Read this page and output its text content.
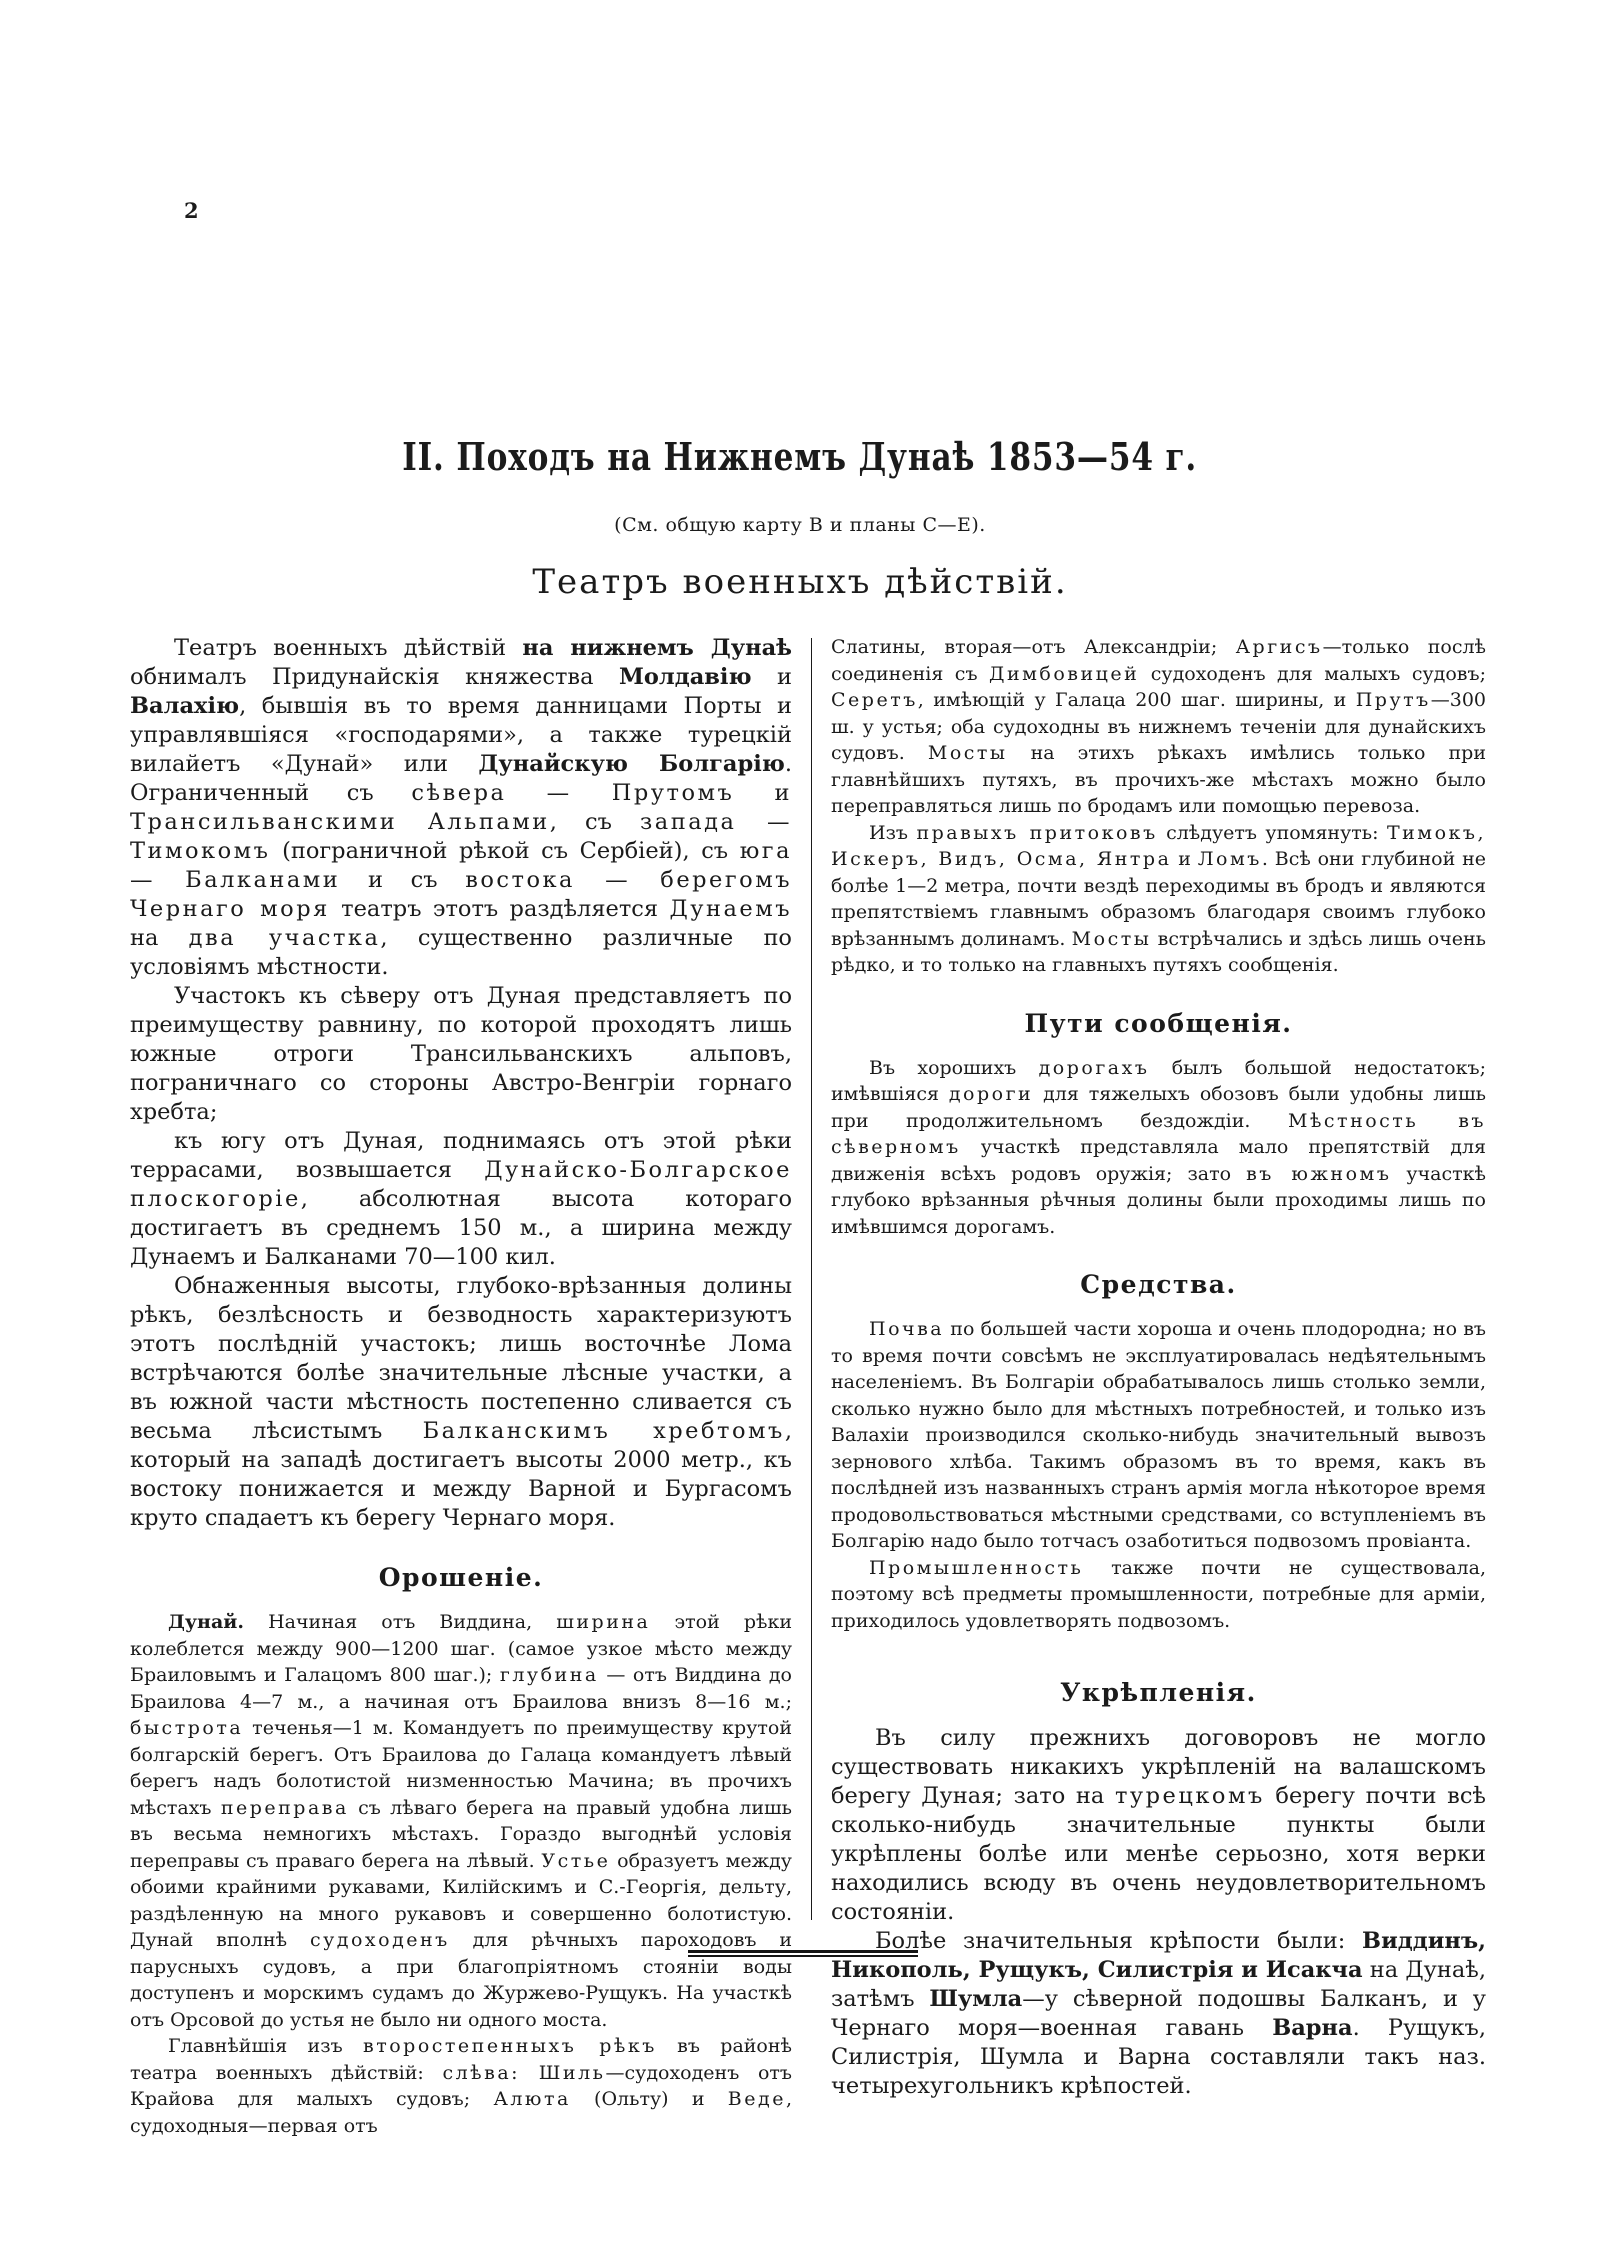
2
II. Походъ на Нижнемъ Дунаѣ 1853—54 г.
(См. общую карту В и планы С—Е).
Театръ военныхъ дѣйствій.

Театръ военныхъ дѣйствій на нижнемъ Дунаѣ обнималъ Придунайскія княжества Молдавію и Валахію, бывшія въ то время данницами Порты и управлявшіяся «господарями», а также турецкій вилайетъ «Дунай» или Дунайскую Болгарію. Ограниченный съ сѣвера — Прутомъ и Трансильванскими Альпами, съ запада — Тимокомъ (пограничной рѣкой съ Сербіей), съ юга — Балканами и съ востока — берегомъ Чернаго моря театръ этотъ раздѣляется Дунаемъ на два участка, существенно различные по условіямъ мѣстности.

Участокъ къ сѣверу отъ Дуная представляетъ по преимуществу равнину, по которой проходятъ лишь южные отроги Трансильванскихъ альповъ, пограничнаго со стороны Австро-Венгріи горнаго хребта;

къ югу отъ Дуная, поднимаясь отъ этой рѣки террасами, возвышается Дунайско-Болгарское плоскогоріе, абсолютная высота котораго достигаетъ въ среднемъ 150 м., а ширина между Дунаемъ и Балканами 70—100 кил.

Обнаженныя высоты, глубоко-врѣзанныя долины рѣкъ, безлѣсность и безводность характеризуютъ этотъ послѣдній участокъ; лишь восточнѣе Лома встрѣчаются болѣе значительные лѣсные участки, а въ южной части мѣстность постепенно сливается съ весьма лѣсистымъ Балканскимъ хребтомъ, который на западѣ достигаетъ высоты 2000 метр., къ востоку понижается и между Варной и Бургасомъ круто спадаетъ къ берегу Чернаго моря.

Орошеніе.

Дунай. Начиная отъ Виддина, ширина этой рѣки колеблется между 900—1200 шаг. (самое узкое мѣсто между Браиловымъ и Галацомъ 800 шаг.); глубина — отъ Виддина до Браилова 4—7 м., а начиная отъ Браилова внизъ 8—16 м.; быстрота теченья—1 м. Командуетъ по преимуществу крутой болгарскій берегъ. Отъ Браилова до Галаца командуетъ лѣвый берегъ надъ болотистой низменностью Мачина; въ прочихъ мѣстахъ переправа съ лѣваго берега на правый удобна лишь въ весьма немногихъ мѣстахъ. Гораздо выгоднѣй условія переправы съ праваго берега на лѣвый. Устье образуетъ между обоими крайними рукавами, Килійскимъ и С.-Георгія, дельту, раздѣленную на много рукавовъ и совершенно болотистую. Дунай вполнѣ судоходенъ для рѣчныхъ пароходовъ и парусныхъ судовъ, а при благопріятномъ стояніи воды доступенъ и морскимъ судамъ до Журжево-Рущукъ. На участкѣ отъ Орсовой до устья не было ни одного моста.

Главнѣйшія изъ второстепенныхъ рѣкъ въ районѣ театра военныхъ дѣйствій: слѣва: Шиль—судоходенъ отъ Крайова для малыхъ судовъ; Алюта (Ольту) и Веде, судоходныя—первая отъ

Слатины, вторая—отъ Александріи; Аргисъ—только послѣ соединенія съ Димбовицей судоходенъ для малыхъ судовъ; Серетъ, имѣющій у Галаца 200 шаг. ширины, и Прутъ—300 ш. у устья; оба судоходны въ нижнемъ теченіи для дунайскихъ судовъ. Мосты на этихъ рѣкахъ имѣлись только при главнѣйшихъ путяхъ, въ прочихъ-же мѣстахъ можно было переправляться лишь по бродамъ или помощью перевоза.

Изъ правыхъ притоковъ слѣдуетъ упомянуть: Тимокъ, Искеръ, Видъ, Осма, Янтра и Ломъ. Всѣ они глубиной не болѣе 1—2 метра, почти вездѣ переходимы въ бродъ и являются препятствіемъ главнымъ образомъ благодаря своимъ глубоко врѣзаннымъ долинамъ. Мосты встрѣчались и здѣсь лишь очень рѣдко, и то только на главныхъ путяхъ сообщенія.

Пути сообщенія.

Въ хорошихъ дорогахъ былъ большой недостатокъ; имѣвшіяся дороги для тяжелыхъ обозовъ были удобны лишь при продолжительномъ бездождіи. Мѣстность въ сѣверномъ участкѣ представляла мало препятствій для движенія всѣхъ родовъ оружія; зато въ южномъ участкѣ глубоко врѣзанныя рѣчныя долины были проходимы лишь по имѣвшимся дорогамъ.

Средства.

Почва по большей части хороша и очень плодородна; но въ то время почти совсѣмъ не эксплуатировалась недѣятельнымъ населеніемъ. Въ Болгаріи обрабатывалось лишь столько земли, сколько нужно было для мѣстныхъ потребностей, и только изъ Валахіи производился сколько-нибудь значительный вывозъ зернового хлѣба. Такимъ образомъ въ то время, какъ въ послѣдней изъ названныхъ странъ армія могла нѣкоторое время продовольствоваться мѣстными средствами, со вступленіемъ въ Болгарію надо было тотчасъ озаботиться подвозомъ провіанта.

Промышленность также почти не существовала, поэтому всѣ предметы промышленности, потребные для арміи, приходилось удовлетворять подвозомъ.

Укрѣпленія.

Въ силу прежнихъ договоровъ не могло существовать никакихъ укрѣпленій на валашскомъ берегу Дуная; зато на турецкомъ берегу почти всѣ сколько-нибудь значительные пункты были укрѣплены болѣе или менѣе серьозно, хотя верки находились всюду въ очень неудовлетворительномъ состояніи.

Болѣе значительныя крѣпости были: Виддинъ, Никополь, Рущукъ, Силистрія и Исакча на Дунаѣ, затѣмъ Шумла—у сѣверной подошвы Балканъ, и у Чернаго моря—военная гавань Варна. Рущукъ, Силистрія, Шумла и Варна составляли такъ наз. четырехугольникъ крѣпостей.
